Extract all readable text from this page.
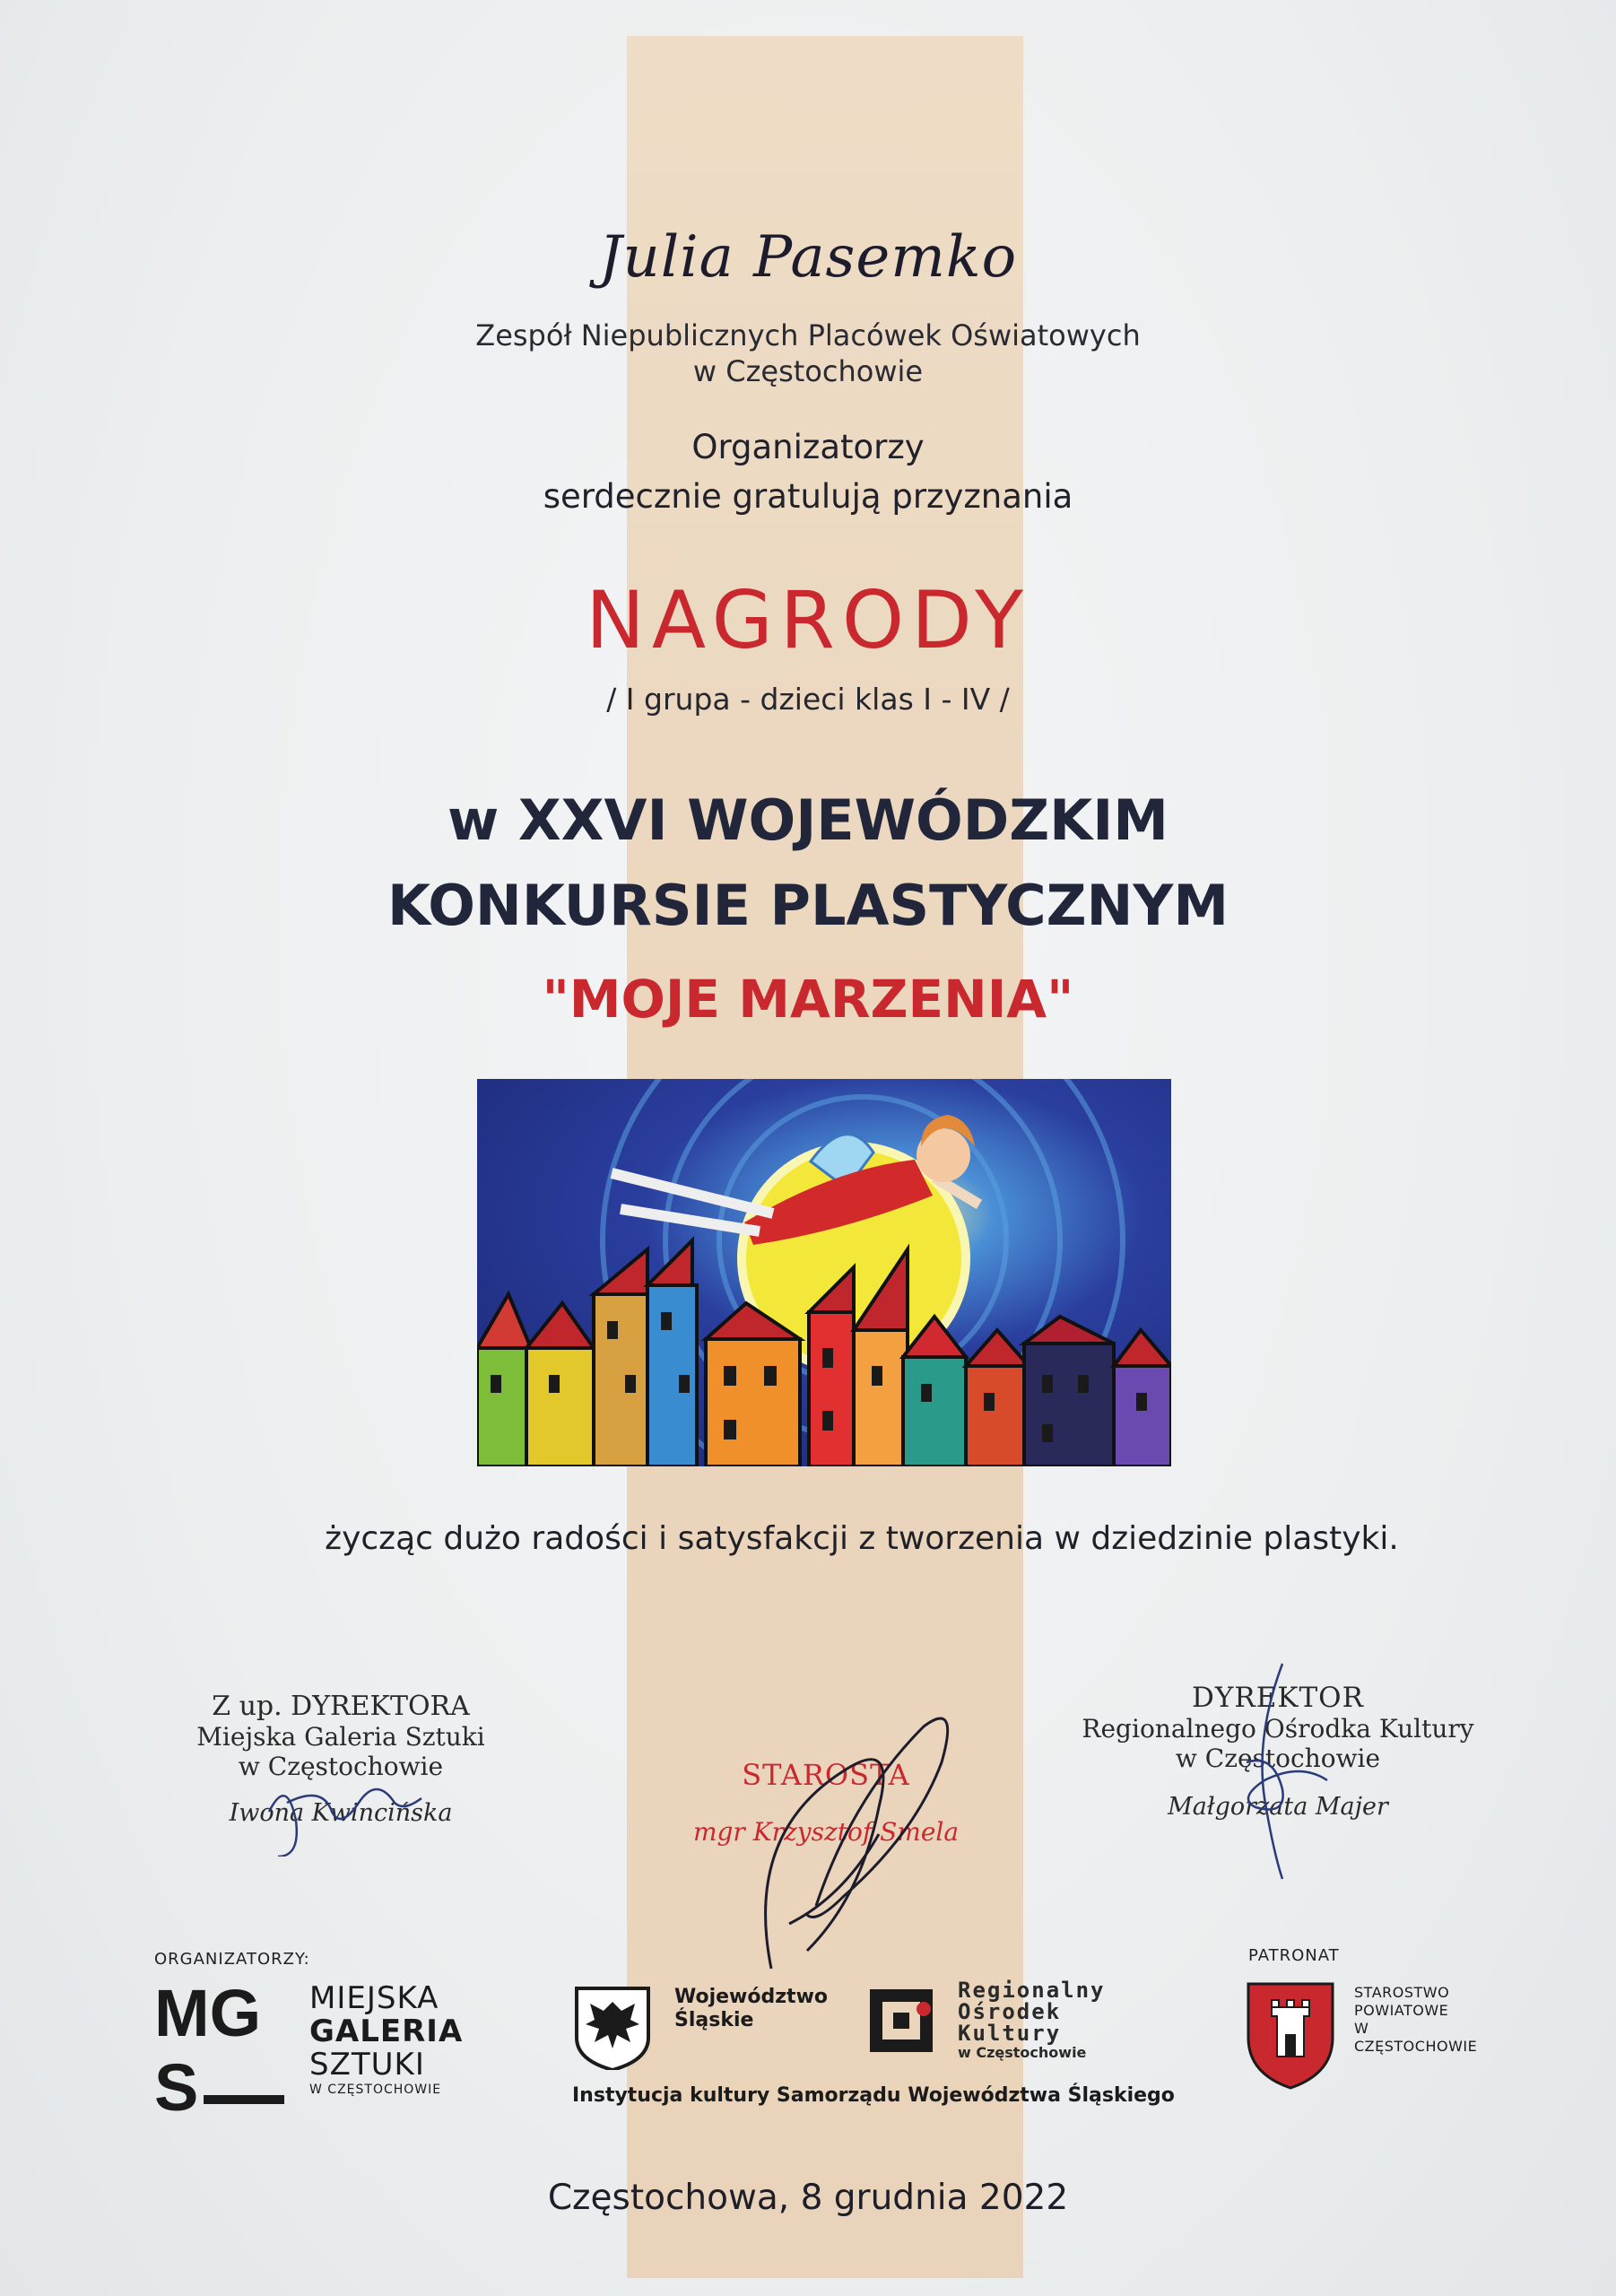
Julia Pasemko
Zespół Niepublicznych Placówek Oświatowych
w Częstochowie
Organizatorzy
serdecznie gratulują przyznania
NAGRODY
/ I grupa - dzieci klas I - IV /
w XXVI WOJEWÓDZKIM
KONKURSIE PLASTYCZNYM
"MOJE MARZENIA"
życząc dużo radości i satysfakcji z tworzenia w dziedzinie plastyki.
Z up. DYREKTORA
Miejska Galeria Sztuki
w Częstochowie
Iwona Kwincińska
STAROSTA
mgr Krzysztof Smela
DYREKTOR
Regionalnego Ośrodka Kultury
w Częstochowie
Małgorzata Majer
ORGANIZATORZY:
MG
S
MIEJSKA
GALERIA
SZTUKI
W CZĘSTOCHOWIE
Województwo
Śląskie
Regionalny
Ośrodek
Kultury
w Częstochowie
Instytucja kultury Samorządu Województwa Śląskiego
PATRONAT
STAROSTWO
POWIATOWE
W
CZĘSTOCHOWIE
Częstochowa, 8 grudnia 2022
